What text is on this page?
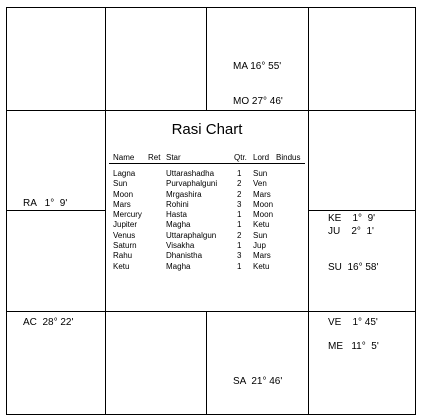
MA 16° 55'
MO 27° 46'
RA   1°  9'
KE    1°  9'
JU    2°  1'
SU  16° 58'
AC  28° 22'
SA  21° 46'
VE    1° 45'
ME   11°  5'
Rasi Chart
Name Ret Star	Qtr. Lord Bindus
Lagna
Sun
Moon
Mars
Mercury
Jupiter
Venus
Saturn
Rahu
Ketu
Uttarashadha
Purvaphalguni
Mrgashira
Rohini
Hasta
Magha
Uttaraphalgun
Visakha
Dhanistha
Magha
1
2
2
3
1
1
2
1
3
1
Sun
Ven
Mars
Moon
Moon
Ketu
Sun
Jup
Mars
Ketu
